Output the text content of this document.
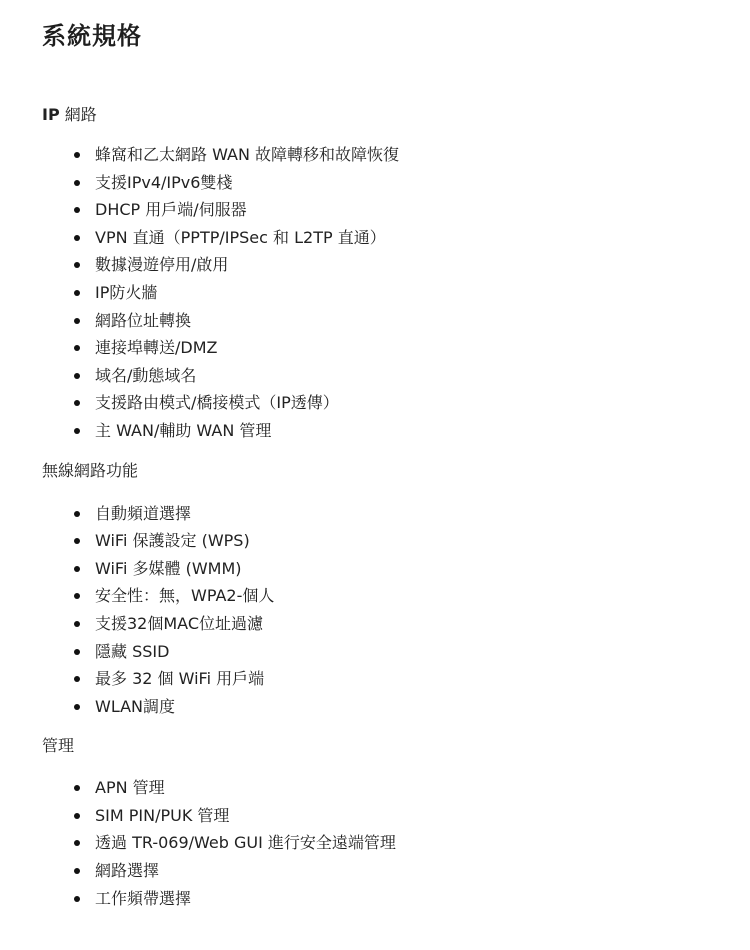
系統規格
IP 網路
蜂窩和乙太網路 WAN 故障轉移和故障恢復
支援IPv4/IPv6雙棧
DHCP 用戶端/伺服器
VPN 直通（PPTP/IPSec 和 L2TP 直通）
數據漫遊停用/啟用
IP防火牆
網路位址轉換
連接埠轉送/DMZ
域名/動態域名
支援路由模式/橋接模式（IP透傳）
主 WAN/輔助 WAN 管理
無線網路功能
自動頻道選擇
WiFi 保護設定 (WPS)
WiFi 多媒體 (WMM)
安全性：無，WPA2-個人
支援32個MAC位址過濾
隱藏 SSID
最多 32 個 WiFi 用戶端
WLAN調度
管理
APN 管理
SIM PIN/PUK 管理
透過 TR-069/Web GUI 進行安全遠端管理
網路選擇
工作頻帶選擇
